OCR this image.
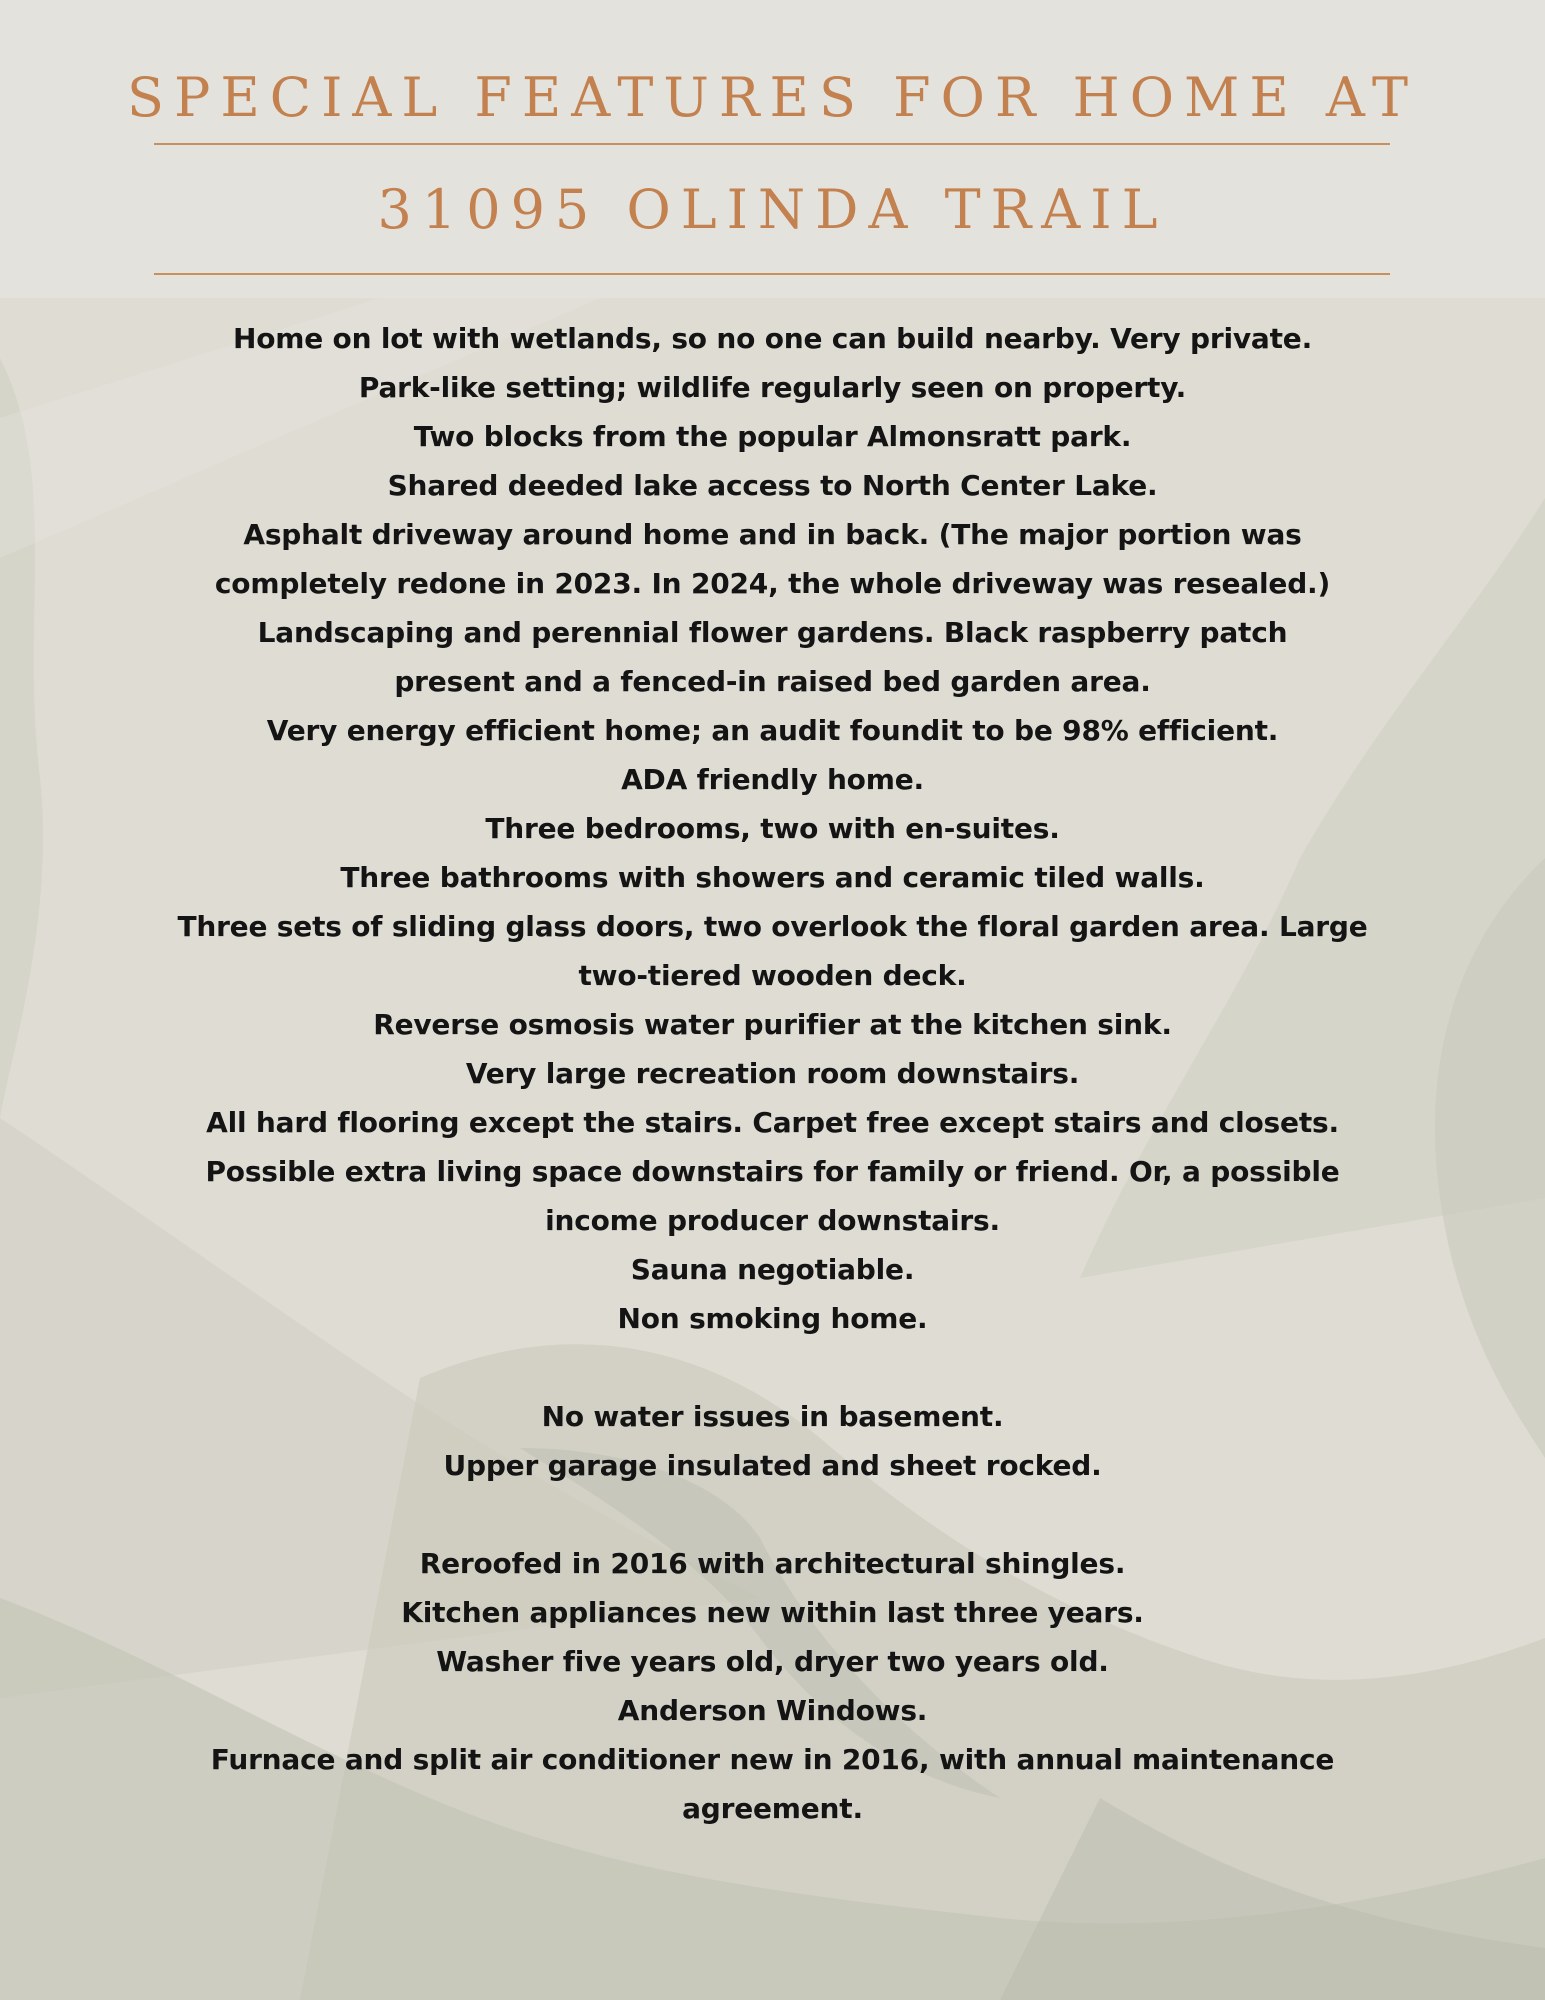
SPECIAL FEATURES FOR HOME AT
31095 OLINDA TRAIL
Home on lot with wetlands, so no one can build nearby. Very private.
Park-like setting; wildlife regularly seen on property.
Two blocks from the popular Almonsratt park.
Shared deeded lake access to North Center Lake.
Asphalt driveway around home and in back. (The major portion was
completely redone in 2023. In 2024, the whole driveway was resealed.)
Landscaping and perennial flower gardens. Black raspberry patch
present and a fenced-in raised bed garden area.
Very energy efficient home; an audit foundit to be 98% efficient.
ADA friendly home.
Three bedrooms, two with en-suites.
Three bathrooms with showers and ceramic tiled walls.
Three sets of sliding glass doors, two overlook the floral garden area. Large
two-tiered wooden deck.
Reverse osmosis water purifier at the kitchen sink.
Very large recreation room downstairs.
All hard flooring except the stairs. Carpet free except stairs and closets.
Possible extra living space downstairs for family or friend. Or, a possible
income producer downstairs.
Sauna negotiable.
Non smoking home.
No water issues in basement.
Upper garage insulated and sheet rocked.
Reroofed in 2016 with architectural shingles.
Kitchen appliances new within last three years.
Washer five years old, dryer two years old.
Anderson Windows.
Furnace and split air conditioner new in 2016, with annual maintenance
agreement.
